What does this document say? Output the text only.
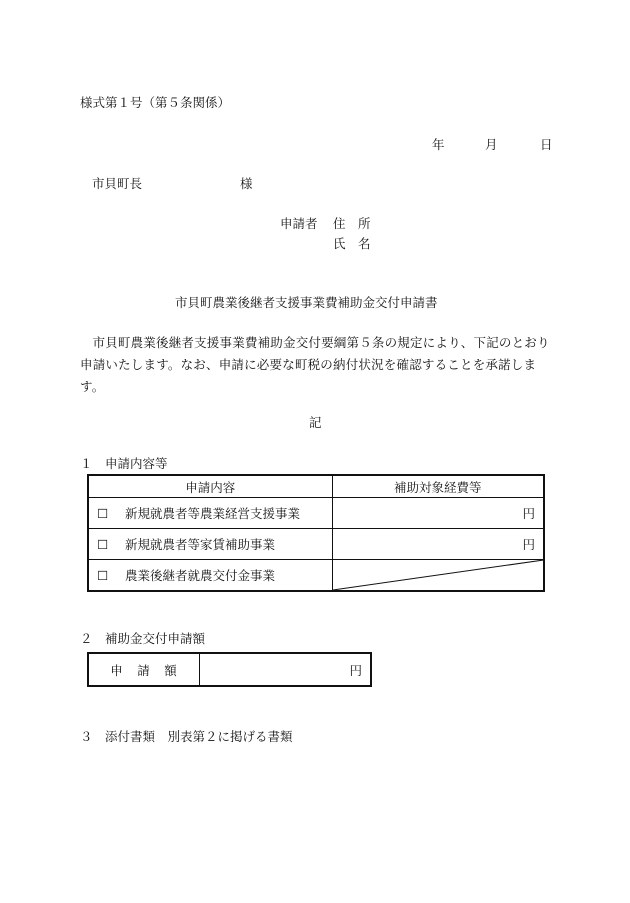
様式第１号（第５条関係）
年	月	日
市貝町長	様
申請者 住　所
氏　名
市貝町農業後継者支援事業費補助金交付申請書
市貝町農業後継者支援事業費補助金交付要綱第５条の規定により、下記のとおり申請いたします。なお、申請に必要な町税の納付状況を確認することを承諾します。
記
１　申請内容等
申請内容	補助対象経費等
☐ 新規就農者等農業経営支援事業	円
☐ 新規就農者等家賃補助事業	円
☐ 農業後継者就農交付金事業	
２　補助金交付申請額
申　請　額	円
３　添付書類　別表第２に掲げる書類
